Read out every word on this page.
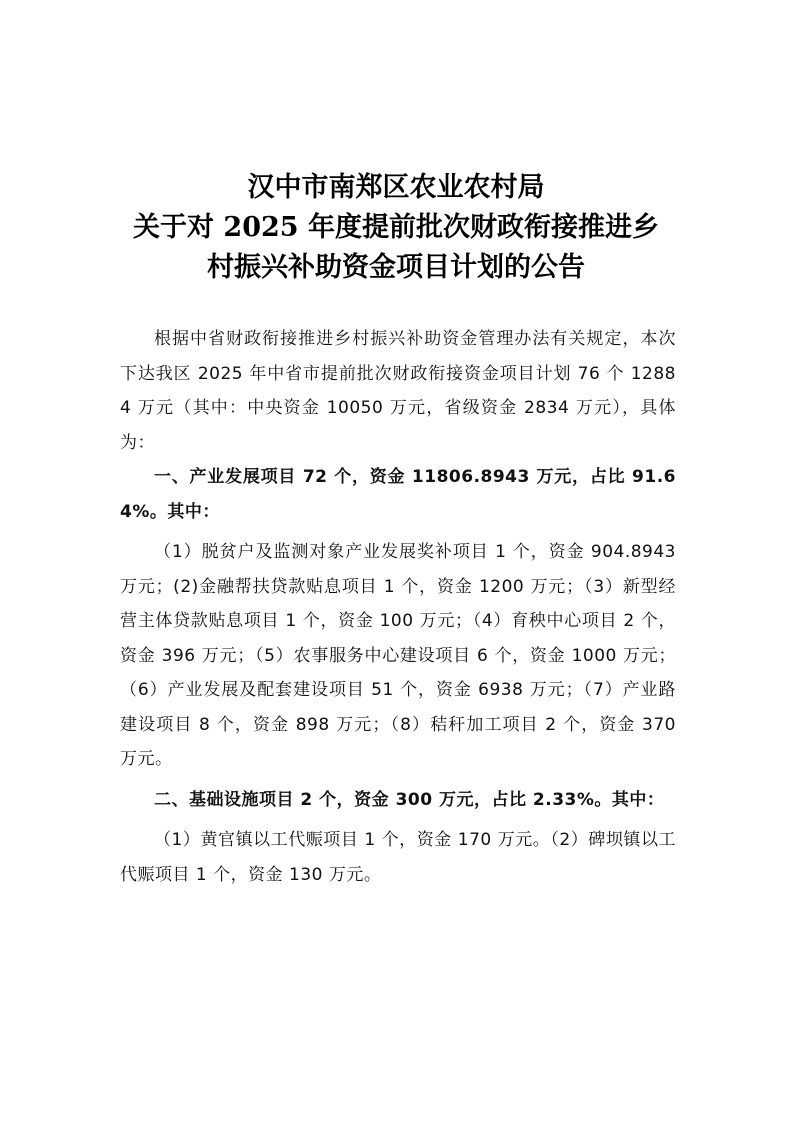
汉中市南郑区农业农村局
关于对 2025 年度提前批次财政衔接推进乡
村振兴补助资金项目计划的公告

根据中省财政衔接推进乡村振兴补助资金管理办法有关规定，本次下达我区 2025 年中省市提前批次财政衔接资金项目计划 76 个 12884 万元（其中：中央资金 10050 万元，省级资金 2834 万元），具体为：

一、产业发展项目 72 个，资金 11806.8943 万元，占比 91.64%。其中：

（1）脱贫户及监测对象产业发展奖补项目 1 个，资金 904.8943 万元；(2)金融帮扶贷款贴息项目 1 个，资金 1200 万元；（3）新型经营主体贷款贴息项目 1 个，资金 100 万元；（4）育秧中心项目 2 个，资金 396 万元；（5）农事服务中心建设项目 6 个，资金 1000 万元；（6）产业发展及配套建设项目 51 个，资金 6938 万元；（7）产业路建设项目 8 个，资金 898 万元；（8）秸秆加工项目 2 个，资金 370 万元。

二、基础设施项目 2 个，资金 300 万元，占比 2.33%。其中：

（1）黄官镇以工代赈项目 1 个，资金 170 万元。（2）碑坝镇以工代赈项目 1 个，资金 130 万元。
